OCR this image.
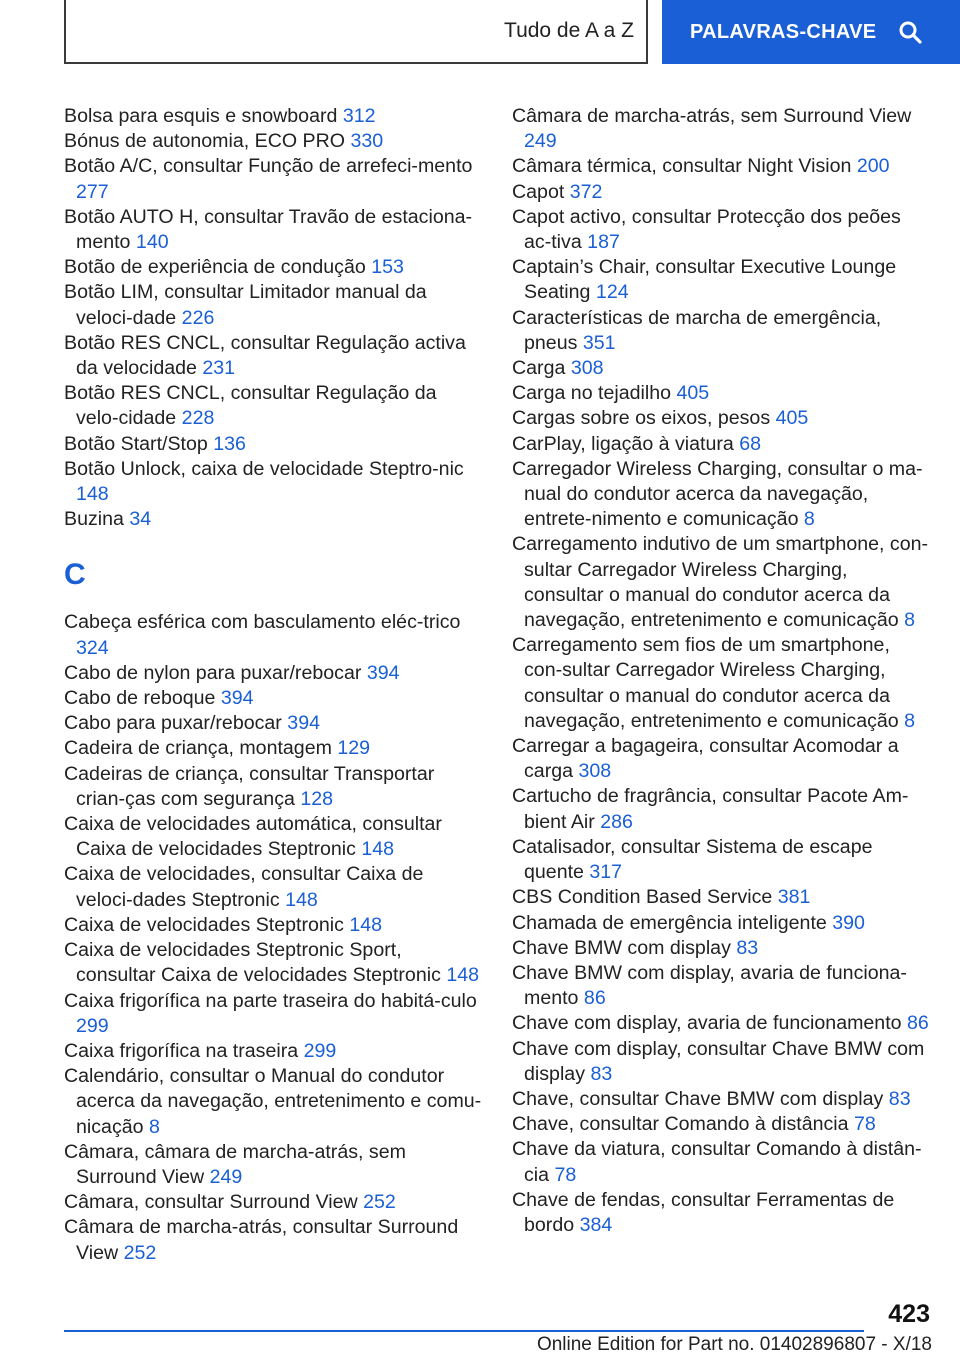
Tudo de A a Z	PALAVRAS-CHAVE
Bolsa para esquis e snowboard 312
Bónus de autonomia, ECO PRO 330
Botão A/C, consultar Função de arrefeci‐mento 277
Botão AUTO H, consultar Travão de estaciona‐mento 140
Botão de experiência de condução 153
Botão LIM, consultar Limitador manual da veloci‐dade 226
Botão RES CNCL, consultar Regulação activa da velocidade 231
Botão RES CNCL, consultar Regulação da velo‐cidade 228
Botão Start/Stop 136
Botão Unlock, caixa de velocidade Steptro‐nic 148
Buzina 34
C
Cabeça esférica com basculamento eléc‐trico 324
Cabo de nylon para puxar/rebocar 394
Cabo de reboque 394
Cabo para puxar/rebocar 394
Cadeira de criança, montagem 129
Cadeiras de criança, consultar Transportar crian‐ças com segurança 128
Caixa de velocidades automática, consultar Caixa de velocidades Steptronic 148
Caixa de velocidades, consultar Caixa de veloci‐dades Steptronic 148
Caixa de velocidades Steptronic 148
Caixa de velocidades Steptronic Sport, consultar Caixa de velocidades Steptronic 148
Caixa frigorífica na parte traseira do habitá‐culo 299
Caixa frigorífica na traseira 299
Calendário, consultar o Manual do condutor acerca da navegação, entretenimento e comu‐nicação 8
Câmara, câmara de marcha-atrás, sem Surround View 249
Câmara, consultar Surround View 252
Câmara de marcha-atrás, consultar Surround View 252
Câmara de marcha-atrás, sem Surround View 249
Câmara térmica, consultar Night Vision 200
Capot 372
Capot activo, consultar Protecção dos peões ac‐tiva 187
Captain’s Chair, consultar Executive Lounge Seating 124
Características de marcha de emergência, pneus 351
Carga 308
Carga no tejadilho 405
Cargas sobre os eixos, pesos 405
CarPlay, ligação à viatura 68
Carregador Wireless Charging, consultar o ma‐nual do condutor acerca da navegação, entrete‐nimento e comunicação 8
Carregamento indutivo de um smartphone, con‐sultar Carregador Wireless Charging, consultar o manual do condutor acerca da navegação, entretenimento e comunicação 8
Carregamento sem fios de um smartphone, con‐sultar Carregador Wireless Charging, consultar o manual do condutor acerca da navegação, entretenimento e comunicação 8
Carregar a bagageira, consultar Acomodar a carga 308
Cartucho de fragrância, consultar Pacote Am‐bient Air 286
Catalisador, consultar Sistema de escape quente 317
CBS Condition Based Service 381
Chamada de emergência inteligente 390
Chave BMW com display 83
Chave BMW com display, avaria de funciona‐mento 86
Chave com display, avaria de funcionamento 86
Chave com display, consultar Chave BMW com display 83
Chave, consultar Chave BMW com display 83
Chave, consultar Comando à distância 78
Chave da viatura, consultar Comando à distân‐cia 78
Chave de fendas, consultar Ferramentas de bordo 384
423
Online Edition for Part no. 01402896807 - X/18
